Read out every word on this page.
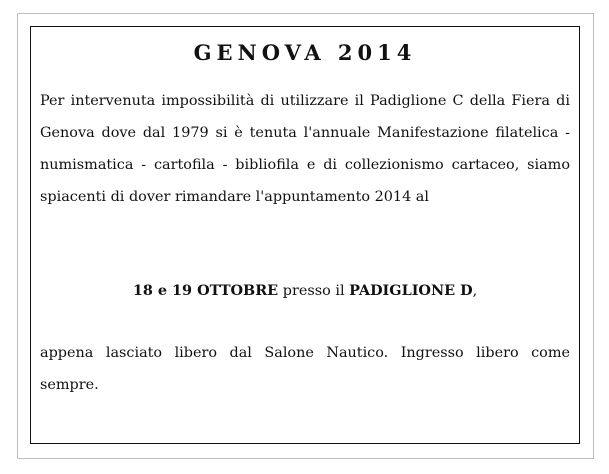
GENOVA 2014

Per intervenuta impossibilità di utilizzare il Padiglione C della Fiera di Genova dove dal 1979 si è tenuta l'annuale Manifestazione filatelica - numismatica - cartofila - bibliofila e di collezionismo cartaceo, siamo spiacenti di dover rimandare l'appuntamento 2014 al

18 e 19 OTTOBRE presso il PADIGLIONE D,

appena lasciato libero dal Salone Nautico. Ingresso libero come sempre.
